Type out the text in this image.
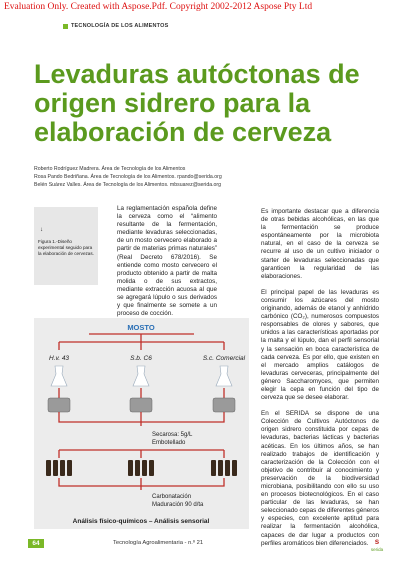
Evaluation Only. Created with Aspose.Pdf. Copyright 2002-2012 Aspose Pty Ltd
TECNOLOGÍA DE LOS ALIMENTOS
Levaduras autóctonas de
origen sidrero para la
elaboración de cerveza
Roberto Rodríguez Madrera. Área de Tecnología de los Alimentos
Rosa Pando Bedriñana. Área de Tecnología de los Alimentos. rpando@serida.org
Belén Suárez Valles. Área de Tecnología de los Alimentos. mbsuarez@serida.org
↓
Figura 1.-Diseño experimental seguido para la elaboración de cervezas.

La reglamentación española define la cerveza como el “alimento resultante de la fermentación, mediante levaduras seleccionadas, de un mosto cervecero elaborado a partir de materias primas naturales” (Real Decreto 678/2016). Se entiende como mosto cervecero el producto obtenido a partir de malta molida o de sus extractos, mediante extracción acuosa al que se agregará lúpulo o sus derivados y que finalmente se somete a un proceso de cocción.

Es importante destacar que a diferencia de otras bebidas alcohólicas, en las que la fermentación se produce espontáneamente por la microbiota natural, en el caso de la cerveza se recurre al uso de un cultivo iniciador o starter de levaduras seleccionadas que garanticen la regularidad de las elaboraciones.

El principal papel de las levaduras es consumir los azúcares del mosto originando, además de etanol y anhídrido carbónico (CO₂), numerosos compuestos responsables de olores y sabores, que unidos a las características aportadas por la malta y el lúpulo, dan el perfil sensorial y la sensación en boca característica de cada cerveza. Es por ello, que existen en el mercado amplios catálogos de levaduras cerveceras, principalmente del género Saccharomyces, que permiten elegir la cepa en función del tipo de cerveza que se desee elaborar.

En el SERIDA se dispone de una Colección de Cultivos Autóctonos de origen sidrero constituida por cepas de levaduras, bacterias lácticas y bacterias acéticas. En los últimos años, se han realizado trabajos de identificación y caracterización de la Colección con el objetivo de contribuir al conocimiento y preservación de la biodiversidad microbiana, posibilitando con ello su uso en procesos biotecnológicos. En el caso particular de las levaduras, se han seleccionado cepas de diferentes géneros y especies, con excelente aptitud para realizar la fermentación alcohólica, capaces de dar lugar a productos con perfiles aromáticos bien diferenciados.

MOSTO
H.v. 43	S.b. C6	S.c. Comercial
Secarosa: 5g/L
Embotellado
Carbonatación
Maduración 90 d/ta
Análisis físico-químicos – Análisis sensorial
64	Tecnología Agroalimentaria - n.º 21	s
serida
